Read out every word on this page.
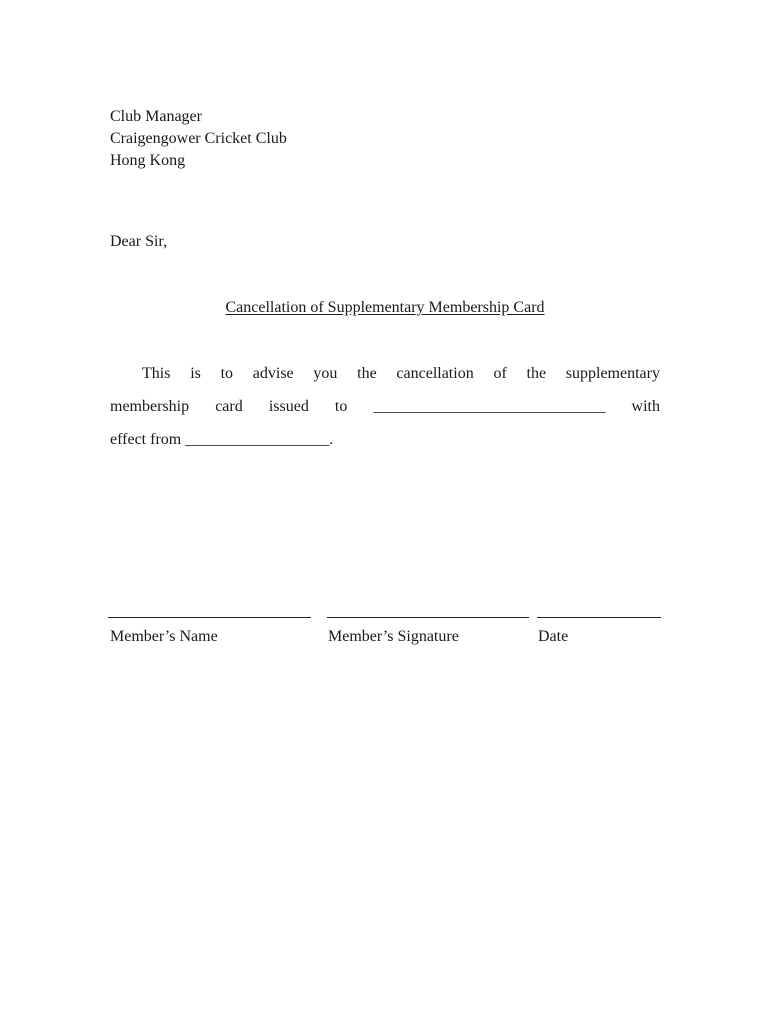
Club Manager
Craigengower Cricket Club
Hong Kong
Dear Sir,
Cancellation of Supplementary Membership Card
This is to advise you the cancellation of the supplementary
membership card issued to _____________________________ with
effect from __________________.
Member’s Name	Member’s Signature	Date
